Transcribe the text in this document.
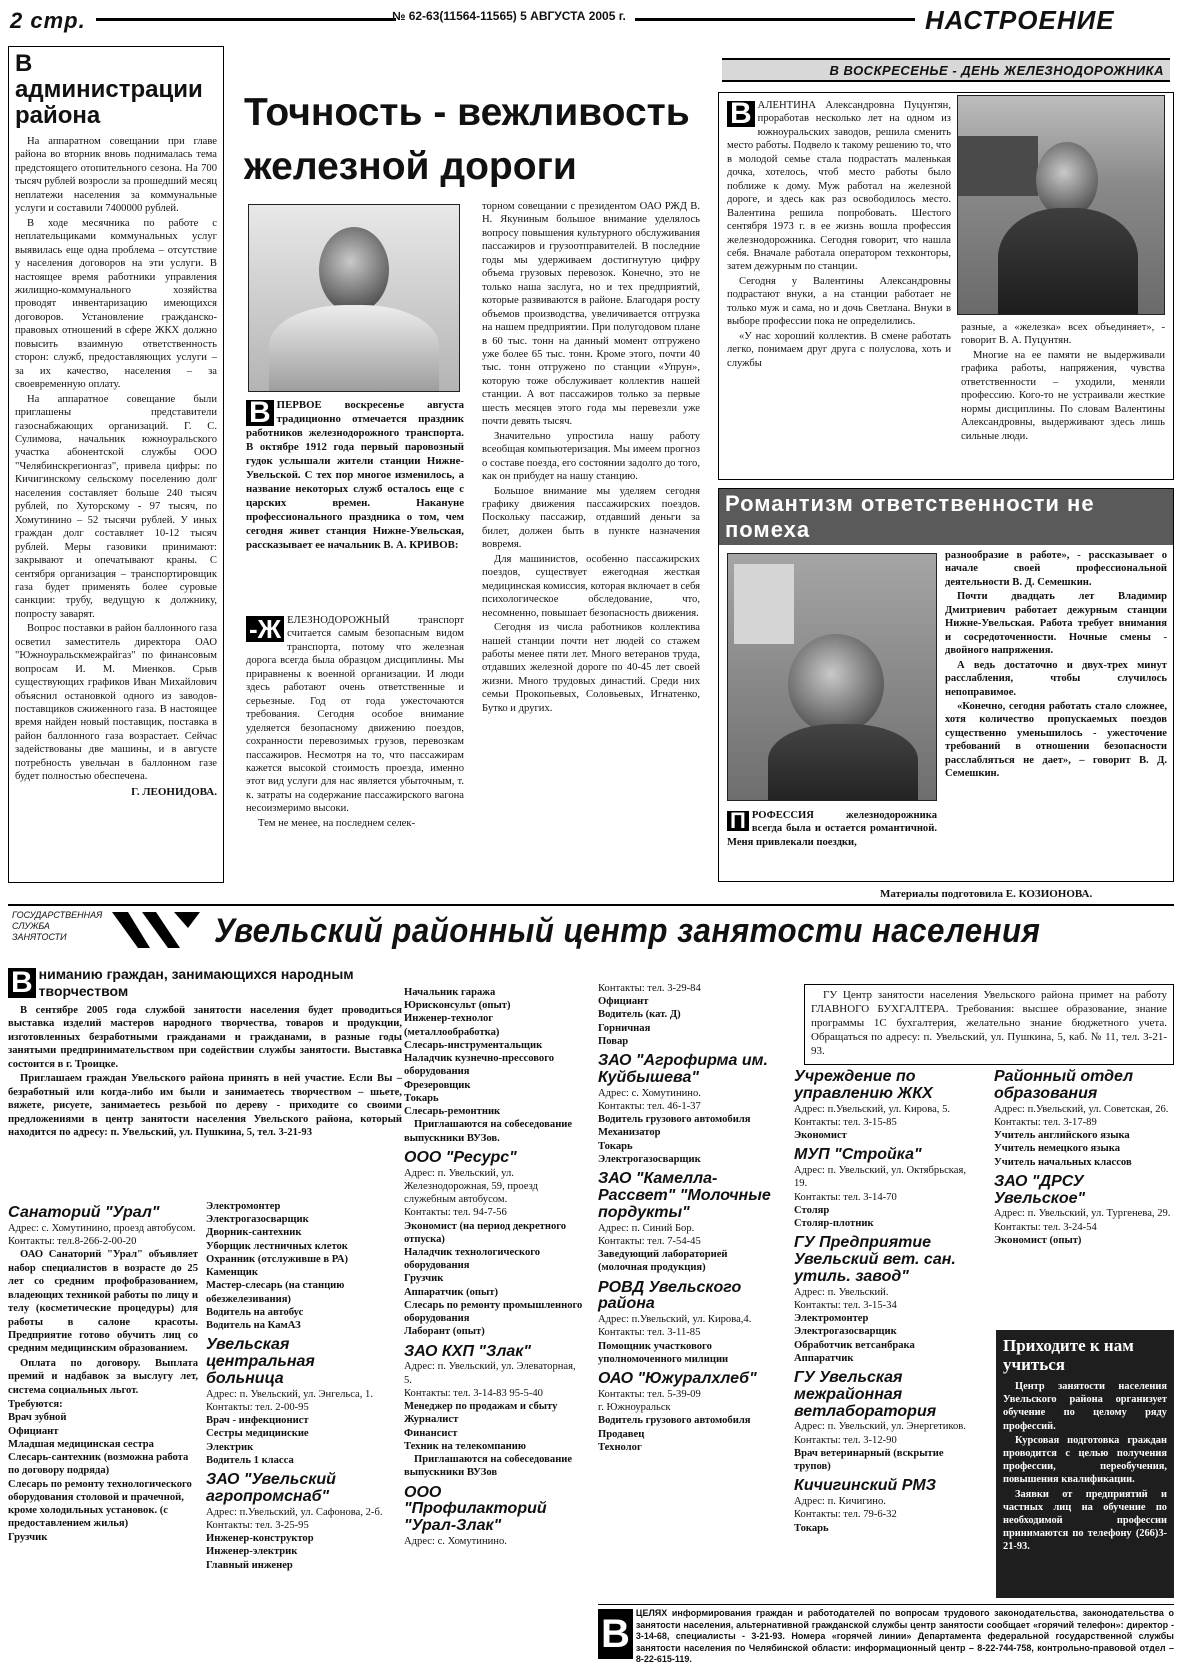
2 стр.	№ 62-63(11564-11565) 5 АВГУСТА 2005 г.	НАСТРОЕНИЕ
В ВОСКРЕСЕНЬЕ - ДЕНЬ ЖЕЛЕЗНОДОРОЖНИКА
В администрации района

На аппаратном совещании при главе района во вторник вновь поднималась тема предстоящего отопительного сезона. На 700 тысяч рублей возросли за прошедший месяц неплатежи населения за коммунальные услуги и составили 7400000 рублей.

В ходе месячника по работе с неплательщиками коммунальных услуг выявилась еще одна проблема – отсутствие у населения договоров на эти услуги. В настоящее время работники управления жилищно-коммунального хозяйства проводят инвентаризацию имеющихся договоров. Установление гражданско-правовых отношений в сфере ЖКХ должно повысить взаимную ответственность сторон: служб, предоставляющих услуги – за их качество, населения – за своевременную оплату.

На аппаратное совещание были приглашены представители газоснабжающих организаций. Г. С. Сулимова, начальник южноуральского участка абонентской службы ООО "Челябинскрегионгаз", привела цифры: по Кичигинскому сельскому поселению долг населения составляет больше 240 тысяч рублей, по Хуторскому - 97 тысяч, по Хомутинино – 52 тысячи рублей. У иных граждан долг составляет 10-12 тысяч рублей. Меры газовики принимают: закрывают и опечатывают краны. С сентября организация – транспортировщик газа будет применять более суровые санкции: трубу, ведущую к должнику, попросту заварят.

Вопрос поставки в район баллонного газа осветил заместитель директора ОАО "Южноуральскмежрайгаз" по финансовым вопросам И. М. Миенков. Срыв существующих графиков Иван Михайлович объяснил остановкой одного из заводов-поставщиков сжиженного газа. В настоящее время найден новый поставщик, поставка в район баллонного газа возрастает. Сейчас задействованы две машины, и в августе потребность увельчан в баллонном газе будет полностью обеспечена.

Г. ЛЕОНИДОВА.
Точность - вежливость железной дороги
В ПЕРВОЕ воскресенье августа традиционно отмечается праздник работников железнодорожного транспорта. В октябре 1912 года первый паровозный гудок услышали жители станции Нижне-Увельской. С тех пор многое изменилось, а название некоторых служб осталось еще с царских времен. Накануне профессионального праздника о том, чем сегодня живет станция Нижне-Увельская, рассказывает ее начальник В. А. КРИВОВ:

-Ж ЕЛЕЗНОДОРОЖНЫЙ транспорт считается самым безопасным видом транспорта, потому что железная дорога всегда была образцом дисциплины. Мы приравнены к военной организации. И люди здесь работают очень ответственные и серьезные. Год от года ужесточаются требования. Сегодня особое внимание уделяется безопасному движению поездов, сохранности перевозимых грузов, перевозкам пассажиров. Несмотря на то, что пассажирам кажется высокой стоимость проезда, именно этот вид услуги для нас является убыточным, т. к. затраты на содержание пассажирского вагона несоизмеримо высоки.

Тем не менее, на последнем селек-

торном совещании с президентом ОАО РЖД В. Н. Якуниным большое внимание уделялось вопросу повышения культурного обслуживания пассажиров и грузоотправителей. В последние годы мы удерживаем достигнутую цифру объема грузовых перевозок. Конечно, это не только наша заслуга, но и тех предприятий, которые развиваются в районе. Благодаря росту объемов производства, увеличивается отгрузка на нашем предприятии. При полугодовом плане в 60 тыс. тонн на данный момент отгружено уже более 65 тыс. тонн. Кроме этого, почти 40 тыс. тонн отгружено по станции «Упрун», которую тоже обслуживает коллектив нашей станции. А вот пассажиров только за первые шесть месяцев этого года мы перевезли уже почти девять тысяч.

Значительно упростила нашу работу всеобщая компьютеризация. Мы имеем прогноз о составе поезда, его состоянии задолго до того, как он прибудет на нашу станцию.

Большое внимание мы уделяем сегодня графику движения пассажирских поездов. Поскольку пассажир, отдавший деньги за билет, должен быть в пункте назначения вовремя.

Для машинистов, особенно пассажирских поездов, существует ежегодная жесткая медицинская комиссия, которая включает в себя психологическое обследование, что, несомненно, повышает безопасность движения.

Сегодня из числа работников коллектива нашей станции почти нет людей со стажем работы менее пяти лет. Много ветеранов труда, отдавших железной дороге по 40-45 лет своей жизни. Много трудовых династий. Среди них семьи Прокопьевых, Соловьевых, Игнатенко, Бутко и других.

В АЛЕНТИНА Александровна Пуцунтян, проработав несколько лет на одном из южноуральских заводов, решила сменить место работы. Подвело к такому решению то, что в молодой семье стала подрастать маленькая дочка, хотелось, чтоб место работы было поближе к дому. Муж работал на железной дороге, и здесь как раз освободилось место. Валентина решила попробовать. Шестого сентября 1973 г. в ее жизнь вошла профессия железнодорожника. Сегодня говорит, что нашла себя. Вначале работала оператором техконторы, затем дежурным по станции.

Сегодня у Валентины Александровны подрастают внуки, а на станции работает не только муж и сама, но и дочь Светлана. Внуки в выборе профессии пока не определились.

«У нас хороший коллектив. В смене работать легко, понимаем друг друга с полуслова, хоть и службы

разные, а «железка» всех объединяет», - говорит В. А. Пуцунтян.

Многие на ее памяти не выдерживали графика работы, напряжения, чувства ответственности – уходили, меняли профессию. Кого-то не устраивали жесткие нормы дисциплины. По словам Валентины Александровны, выдерживают здесь лишь сильные люди.

Романтизм ответственности не помеха

П РОФЕССИЯ железнодорожника всегда была и остается романтичной. Меня привлекали поездки,

разнообразие в работе», - рассказывает о начале своей профессиональной деятельности В. Д. Семешкин.

Почти двадцать лет Владимир Дмитриевич работает дежурным станции Нижне-Увельская. Работа требует внимания и сосредоточенности. Ночные смены - двойного напряжения.

А ведь достаточно и двух-трех минут расслабления, чтобы случилось непоправимое.

«Конечно, сегодня работать стало сложнее, хотя количество пропускаемых поездов существенно уменьшилось - ужесточение требований в отношении безопасности расслабляться не дает», – говорит В. Д. Семешкин.

Материалы подготовила Е. КОЗИОНОВА.
ГОСУДАРСТВЕННАЯ СЛУЖБА ЗАНЯТОСТИ	Увельский районный центр занятости населения
В ниманию граждан, занимающихся народным творчеством

В сентябре 2005 года службой занятости населения будет проводиться выставка изделий мастеров народного творчества, товаров и продукции, изготовленных безработными гражданами и гражданами, в разные годы занятыми предпринимательством при содействии службы занятости. Выставка состоится в г. Троицке.

Приглашаем граждан Увельского района принять в ней участие. Если Вы – безработный или когда-либо им были и занимаетесь творчеством – шьете, вяжете, рисуете, занимаетесь резьбой по дереву - приходите со своими предложениями в центр занятости населения Увельского района, который находится по адресу: п. Увельский, ул. Пушкина, 5, тел. 3-21-93

Санаторий "Урал"
Адрес: с. Хомутинино, проезд автобусом.
Контакты: тел.8-266-2-00-20

ОАО Санаторий "Урал" объявляет набор специалистов в возрасте до 25 лет со средним профобразованием, владеющих техникой работы по лицу и телу (косметические процедуры) для работы в салоне красоты. Предприятие готово обучить лиц со средним медицинским образованием.

Оплата по договору. Выплата премий и надбавок за выслугу лет, система социальных льгот.

Требуются:
Врач зубной
Официант
Младшая медицинская сестра
Слесарь-сантехник (возможна работа по договору подряда)
Слесарь по ремонту технологического оборудования столовой и прачечной, кроме холодильных установок. (с предоставлением жилья)
Грузчик
Электромонтер
Электрогазосварщик
Дворник-сантехник
Уборщик лестничных клеток
Охранник (отслуживше в РА)
Каменщик
Мастер-слесарь (на станцию обезжелезивания)
Водитель на автобус
Водитель на КамАЗ
Увельская центральная больница
Адрес: п. Увельский, ул. Энгельса, 1.
Контакты: тел. 2-00-95
Врач - инфекционист
Сестры медицинские
Электрик
Водитель 1 класса
ЗАО "Увельский агропромснаб"
Адрес: п.Увельский, ул. Сафонова, 2-б.
Контакты: тел. 3-25-95
Инженер-конструктор
Инженер-электрик
Главный инженер
Начальник гаража
Юрисконсульт (опыт)
Инженер-технолог (металлообработка)
Слесарь-инструментальщик
Наладчик кузнечно-прессового оборудования
Фрезеровщик
Токарь
Слесарь-ремонтник
Приглашаются на собеседование выпускники ВУЗов.
ООО "Ресурс"
Адрес: п. Увельский, ул. Железнодорожная, 59, проезд служебным автобусом.
Контакты: тел. 94-7-56
Экономист (на период декретного отпуска)
Наладчик технологического оборудования
Грузчик
Аппаратчик (опыт)
Слесарь по ремонту промышленного оборудования
Лаборант (опыт)
ЗАО КХП "Злак"
Адрес: п. Увельский, ул. Элеваторная, 5.
Контакты: тел. 3-14-83 95-5-40
Менеджер по продажам и сбыту
Журналист
Финансист
Техник на телекомпанию
Приглашаются на собеседование выпускники ВУЗов
ООО "Профилакторий "Урал-Злак"
Адрес: с. Хомутинино.
Контакты: тел. 3-29-84
Официант
Водитель (кат. Д)
Горничная
Повар
ЗАО "Агрофирма им. Куйбышева"
Адрес: с. Хомутинино.
Контакты: тел. 46-1-37
Водитель грузового автомобиля
Механизатор
Токарь
Электрогазосварщик
ЗАО "Камелла-Рассвет" "Молочные пордукты"
Адрес: п. Синий Бор.
Контакты: тел. 7-54-45
Заведующий лабораторией (молочная продукция)
РОВД Увельского района
Адрес: п.Увельский, ул. Кирова,4.
Контакты: тел. 3-11-85
Помощник участкового уполномоченного милиции
ОАО "Южуралхлеб"
Контакты: тел. 5-39-09
г. Южноуральск
Водитель грузового автомобиля
Продавец
Технолог

ГУ Центр занятости населения Увельского района примет на работу ГЛАВНОГО БУХГАЛТЕРА. Требования: высшее образование, знание программы 1С бухгалтерия, желательно знание бюджетного учета. Обращаться по адресу: п. Увельский, ул. Пушкина, 5, каб. № 11, тел. 3-21-93.

Учреждение по управлению ЖКХ
Адрес: п.Увельский, ул. Кирова, 5.
Контакты: тел. 3-15-85
Экономист
МУП "Стройка"
Адрес: п. Увельский, ул. Октябрьская, 19.
Контакты: тел. 3-14-70
Столяр
Столяр-плотник
ГУ Предприятие Увельский вет. сан. утиль. завод"
Адрес: п. Увельский.
Контакты: тел. 3-15-34
Электромонтер
Электрогазосварщик
Обработчик ветсанбрака
Аппаратчик
ГУ Увельская межрайонная ветлаборатория
Адрес: п. Увельский, ул. Энергетиков.
Контакты: тел. 3-12-90
Врач ветеринарный (вскрытие трупов)
Кичигинский РМЗ
Адрес: п. Кичигино.
Контакты: тел. 79-6-32
Токарь
Районный отдел образования
Адрес: п.Увельский, ул. Советская, 26.
Контакты: тел. 3-17-89
Учитель английского языка
Учитель немецкого языка
Учитель начальных классов
ЗАО "ДРСУ Увельское"
Адрес: п. Увельский, ул. Тургенева, 29.
Контакты: тел. 3-24-54
Экономист (опыт)
Приходите к нам учиться

Центр занятости населения Увельского района организует обучение по целому ряду профессий.

Курсовая подготовка граждан проводится с целью получения профессии, переобучения, повышения квалификации.

Заявки от предприятий и частных лиц на обучение по необходимой профессии принимаются по телефону (266)3-21-93.

В ЦЕЛЯХ информирования граждан и работодателей по вопросам трудового законодательства, законодательства о занятости населения, альтернативной гражданской службы центр занятости сообщает «горячий телефон»: директор - 3-14-68, специалисты - 3-21-93. Номера «горячей линии» Департамента федеральной государственной службы занятости населения по Челябинской области: информационный центр – 8-22-744-758, контрольно-правовой отдел – 8-22-615-119.
